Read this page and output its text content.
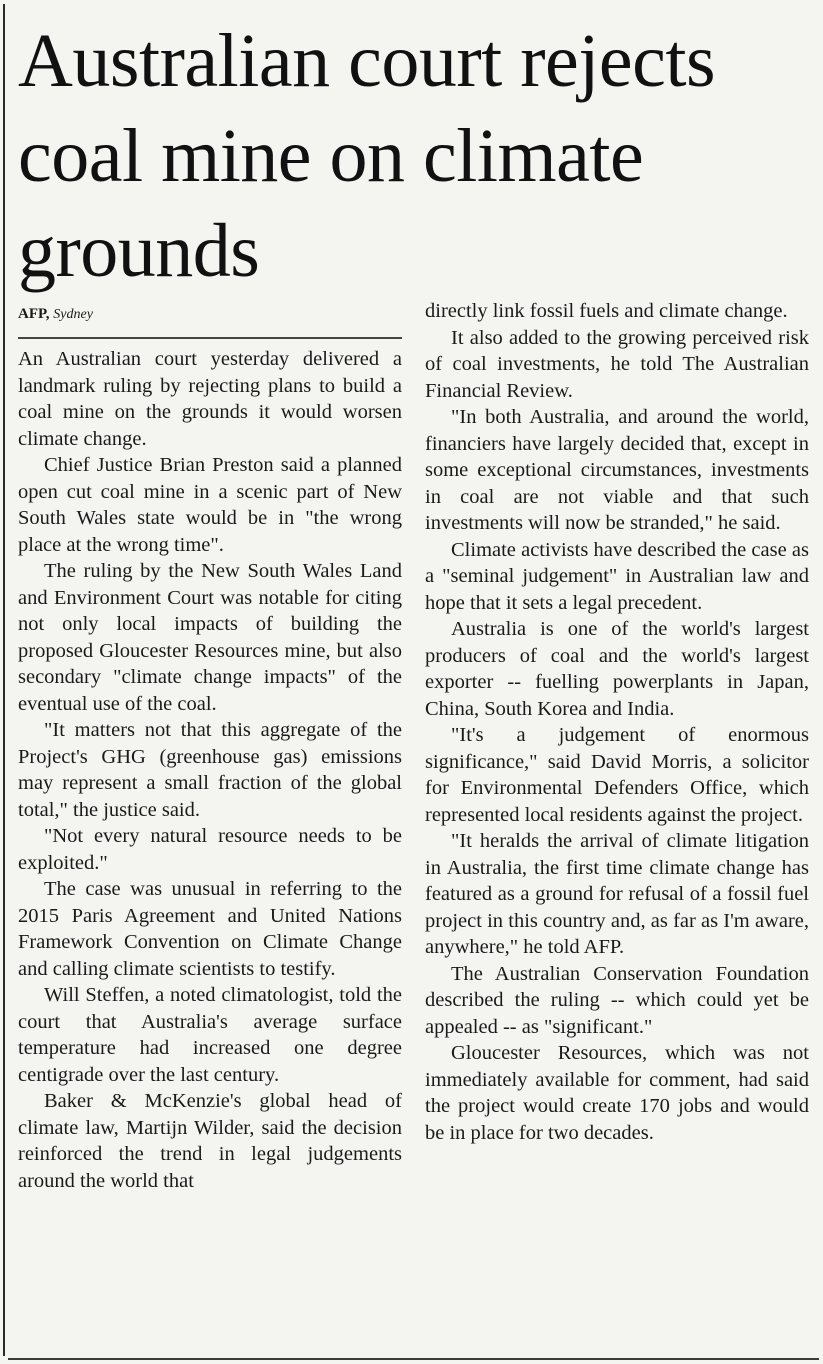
Australian court rejects coal mine on climate grounds
AFP, Sydney

An Australian court yesterday delivered a landmark ruling by rejecting plans to build a coal mine on the grounds it would worsen climate change.

Chief Justice Brian Preston said a planned open cut coal mine in a scenic part of New South Wales state would be in "the wrong place at the wrong time".

The ruling by the New South Wales Land and Environment Court was notable for citing not only local impacts of building the proposed Gloucester Resources mine, but also secondary "climate change impacts" of the eventual use of the coal.

"It matters not that this aggregate of the Project's GHG (greenhouse gas) emissions may represent a small fraction of the global total," the justice said.

"Not every natural resource needs to be exploited."

The case was unusual in referring to the 2015 Paris Agreement and United Nations Framework Convention on Climate Change and calling climate scientists to testify.

Will Steffen, a noted climatologist, told the court that Australia's average surface temperature had increased one degree centigrade over the last century.

Baker & McKenzie's global head of climate law, Martijn Wilder, said the decision reinforced the trend in legal judgements around the world that

directly link fossil fuels and climate change.

It also added to the growing perceived risk of coal investments, he told The Australian Financial Review.

"In both Australia, and around the world, financiers have largely decided that, except in some exceptional circumstances, investments in coal are not viable and that such investments will now be stranded," he said.

Climate activists have described the case as a "seminal judgement" in Australian law and hope that it sets a legal precedent.

Australia is one of the world's largest producers of coal and the world's largest exporter -- fuelling powerplants in Japan, China, South Korea and India.

"It's a judgement of enormous significance," said David Morris, a solicitor for Environmental Defenders Office, which represented local residents against the project.

"It heralds the arrival of climate litigation in Australia, the first time climate change has featured as a ground for refusal of a fossil fuel project in this country and, as far as I'm aware, anywhere," he told AFP.

The Australian Conservation Foundation described the ruling -- which could yet be appealed -- as "significant."

Gloucester Resources, which was not immediately available for comment, had said the project would create 170 jobs and would be in place for two decades.
